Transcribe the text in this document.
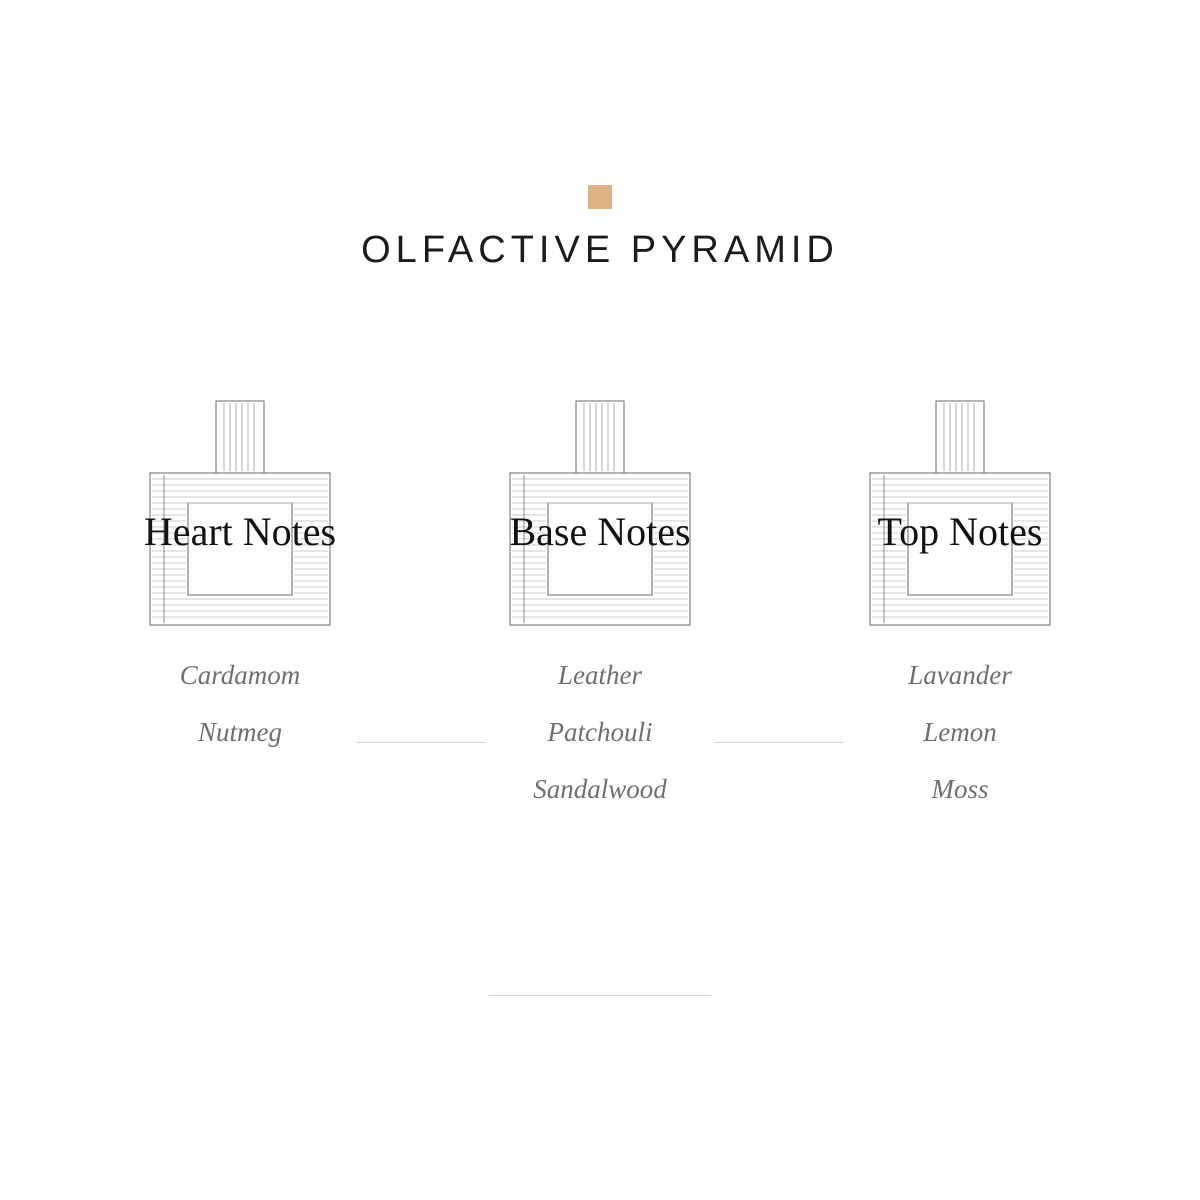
OLFACTIVE PYRAMID
Heart Notes
Cardamom
Nutmeg
Base Notes
Leather
Patchouli
Sandalwood
Top Notes
Lavander
Lemon
Moss
